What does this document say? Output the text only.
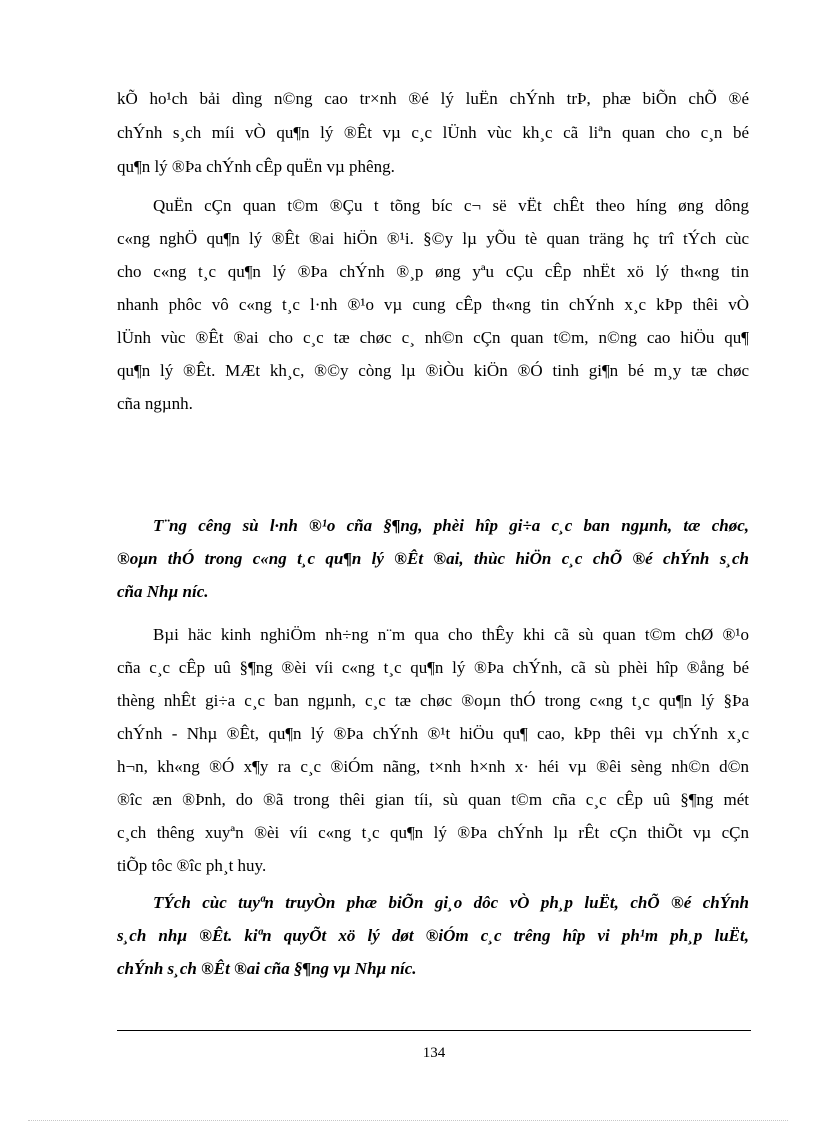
kÕ ho¹ch bải dìng n©ng cao tr×nh ®é lý luËn chÝnh trÞ, phæ biÕn chÕ ®é
chÝnh s¸ch míi vÒ qu¶n lý ®Êt vµ c¸c lÜnh vùc kh¸c cã liªn quan cho c¸n bé
qu¶n lý ®Þa chÝnh cÊp quËn vµ phêng.
QuËn cÇn quan t©m ®Çu t tõng bíc c¬ së vËt chÊt theo híng øng dông
c«ng nghÖ qu¶n lý ®Êt ®ai hiÖn ®¹i. §©y lµ yÕu tè quan träng hç trî tÝch cùc
cho c«ng t¸c qu¶n lý ®Þa chÝnh ®¸p øng yªu cÇu cÊp nhËt xö lý th«ng tin
nhanh phôc vô c«ng t¸c l·nh ®¹o vµ cung cÊp th«ng tin chÝnh x¸c kÞp thêi vÒ
lÜnh vùc ®Êt ®ai cho c¸c tæ chøc c¸ nh©n cÇn quan t©m, n©ng cao hiÖu qu¶
qu¶n lý ®Êt. MÆt kh¸c, ®©y còng lµ ®iÒu kiÖn ®Ó tinh gi¶n bé m¸y tæ chøc
cña ngµnh.
T¨ng cêng sù l·nh ®¹o cña §¶ng, phèi hîp gi÷a c¸c ban ngµnh, tæ chøc,
®oµn thÓ trong c«ng t¸c qu¶n lý ®Êt ®ai, thùc hiÖn c¸c chÕ ®é chÝnh s¸ch
cña Nhµ níc.
Bµi häc kinh nghiÖm nh÷ng n¨m qua cho thÊy khi cã sù quan t©m chØ ®¹o
cña c¸c cÊp uû §¶ng ®èi víi c«ng t¸c qu¶n lý ®Þa chÝnh, cã sù phèi hîp ®ång bé
thèng nhÊt gi÷a c¸c ban ngµnh, c¸c tæ chøc ®oµn thÓ trong c«ng t¸c qu¶n lý §Þa
chÝnh - Nhµ ®Êt, qu¶n lý ®Þa chÝnh ®¹t hiÖu qu¶ cao, kÞp thêi vµ chÝnh x¸c
h¬n, kh«ng ®Ó x¶y ra c¸c ®iÓm nãng, t×nh h×nh x· héi vµ ®êi sèng nh©n d©n
®îc æn ®Þnh, do ®ã trong thêi gian tíi, sù quan t©m cña c¸c cÊp uû §¶ng mét
c¸ch thêng xuyªn ®èi víi c«ng t¸c qu¶n lý ®Þa chÝnh lµ rÊt cÇn thiÕt vµ cÇn
tiÕp tôc ®îc ph¸t huy.
TÝch cùc tuyªn truyÒn phæ biÕn gi¸o dôc vÒ ph¸p luËt, chÕ ®é chÝnh
s¸ch nhµ ®Êt. kiªn quyÕt xö lý døt ®iÓm c¸c trêng hîp vi ph¹m ph¸p luËt,
chÝnh s¸ch ®Êt ®ai cña §¶ng vµ Nhµ níc.
134
